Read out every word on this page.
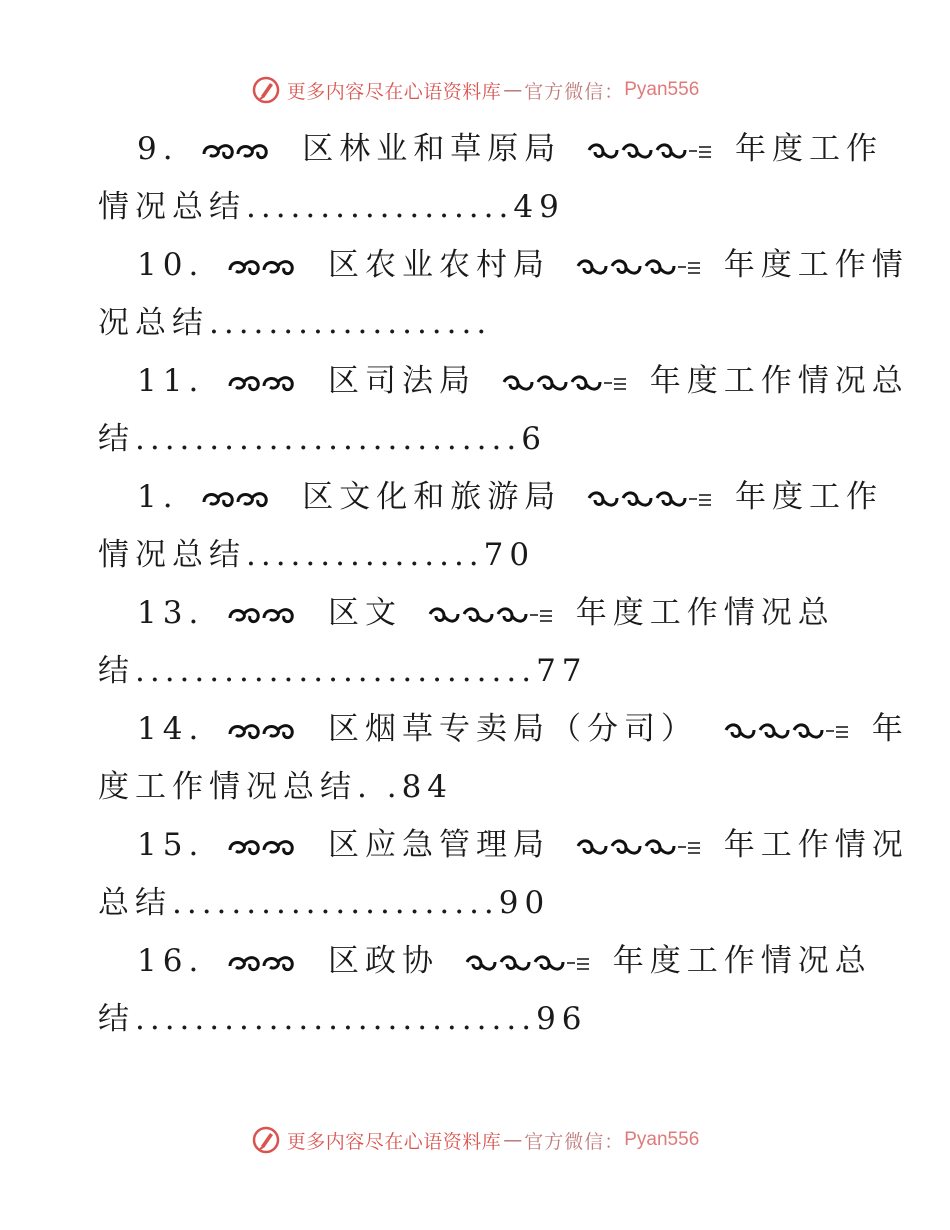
更多内容尽在心语资料库 — 官方微信： Pyan556
9.	区林业和草原局	年度工作
情况总结..................49
10.	区农业农村局	年度工作情
况总结...................
11.	区司法局	年度工作情况总
结..........................6
1.	区文化和旅游局	年度工作
情况总结................70
13.	区文	年度工作情况总
结...........................77
14.	区烟草专卖局（分司）	年
度工作情况总结. .84
15.	区应急管理局	年工作情况
总结......................90
16.	区政协	年度工作情况总
结...........................96
更多内容尽在心语资料库 — 官方微信： Pyan556
